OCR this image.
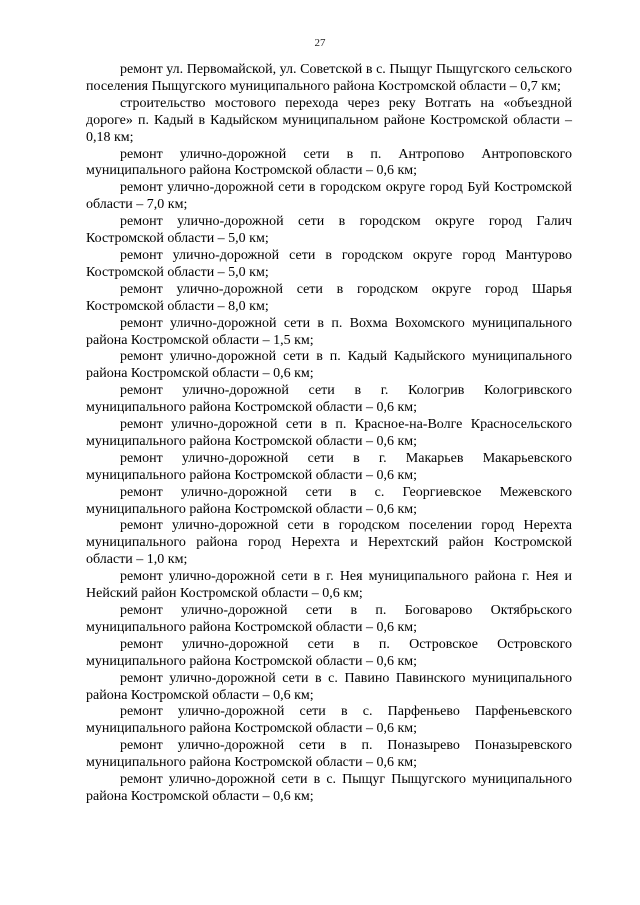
27

ремонт ул. Первомайской, ул. Советской в с. Пыщуг Пыщугского сельского поселения Пыщугского муниципального района Костромской области – 0,7 км;

строительство мостового перехода через реку Вотгать на «объездной дороге» п. Кадый в Кадыйском муниципальном районе Костромской области – 0,18 км;

ремонт улично-дорожной сети в п. Антропово Антроповского муниципального района Костромской области – 0,6 км;

ремонт улично-дорожной сети в городском округе город Буй Костромской области – 7,0 км;

ремонт улично-дорожной сети в городском округе город Галич Костромской области – 5,0 км;

ремонт улично-дорожной сети в городском округе город Мантурово Костромской области – 5,0 км;

ремонт улично-дорожной сети в городском округе город Шарья Костромской области – 8,0 км;

ремонт улично-дорожной сети в п. Вохма Вохомского муниципального района Костромской области – 1,5 км;

ремонт улично-дорожной сети в п. Кадый Кадыйского муниципального района Костромской области – 0,6 км;

ремонт улично-дорожной сети в г. Кологрив Кологривского муниципального района Костромской области – 0,6 км;

ремонт улично-дорожной сети в п. Красное-на-Волге Красносельского муниципального района Костромской области – 0,6 км;

ремонт улично-дорожной сети в г. Макарьев Макарьевского муниципального района Костромской области – 0,6 км;

ремонт улично-дорожной сети в с. Георгиевское Межевского муниципального района Костромской области – 0,6 км;

ремонт улично-дорожной сети в городском поселении город Нерехта муниципального района город Нерехта и Нерехтский район Костромской области – 1,0 км;

ремонт улично-дорожной сети в г. Нея муниципального района г. Нея и Нейский район Костромской области – 0,6 км;

ремонт улично-дорожной сети в п. Боговарово Октябрьского муниципального района Костромской области – 0,6 км;

ремонт улично-дорожной сети в п. Островское Островского муниципального района Костромской области – 0,6 км;

ремонт улично-дорожной сети в с. Павино Павинского муниципального района Костромской области – 0,6 км;

ремонт улично-дорожной сети в с. Парфеньево Парфеньевского муниципального района Костромской области – 0,6 км;

ремонт улично-дорожной сети в п. Поназырево Поназыревского муниципального района Костромской области – 0,6 км;

ремонт улично-дорожной сети в с. Пыщуг Пыщугского муниципального района Костромской области – 0,6 км;
